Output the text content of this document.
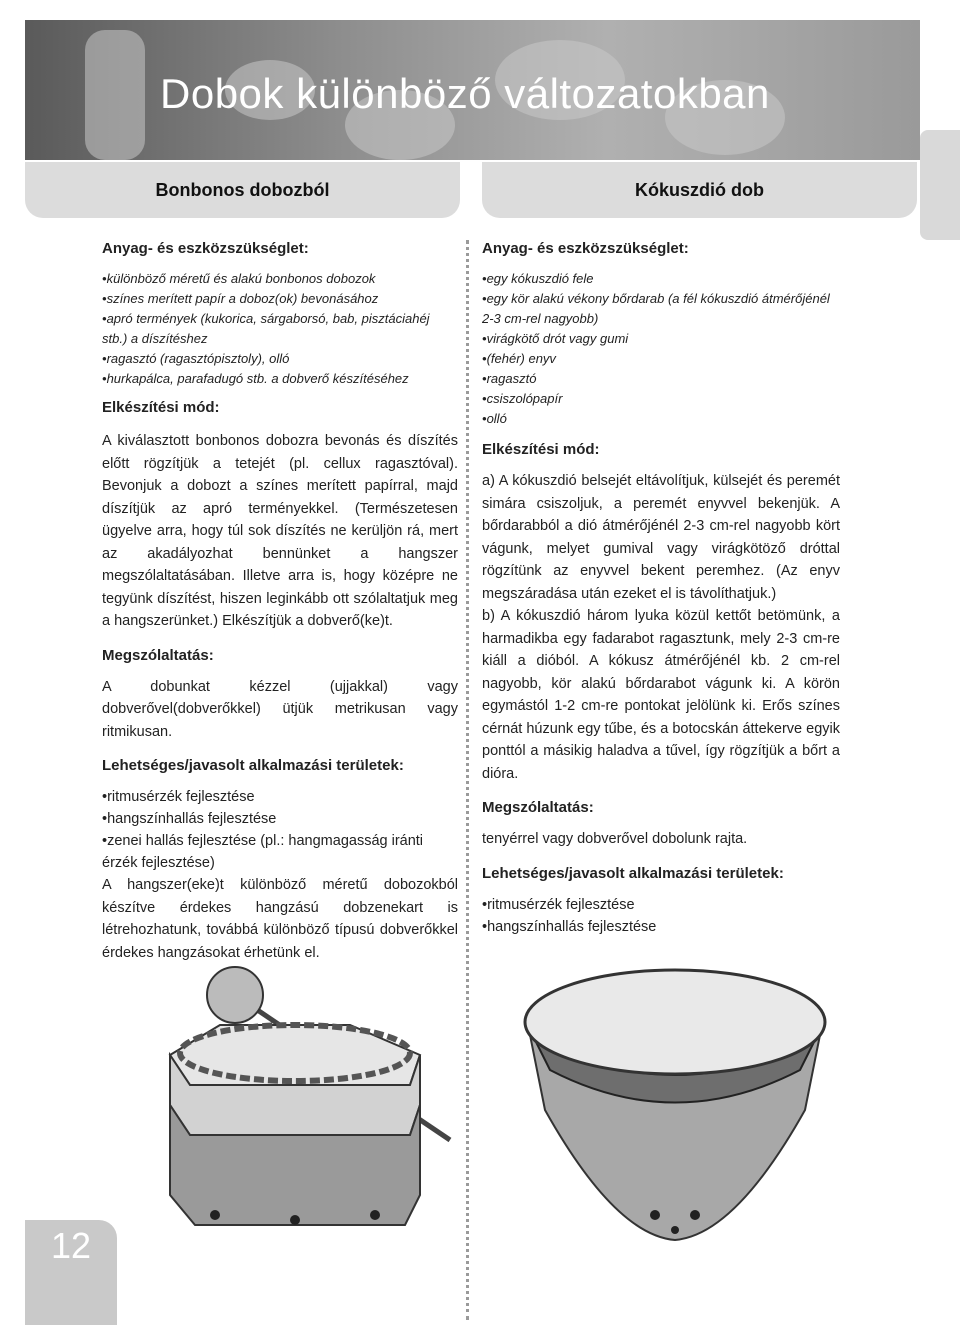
Dobok különböző változatokban
Bonbonos dobozból	Kókuszdió dob

Anyag- és eszközszükséglet:

• különböző méretű és alakú bonbonos dobozok
• színes merített papír a doboz(ok) bevonásához
• apró termények (kukorica, sárgaborsó, bab, pisztáciahéj stb.) a díszítéshez
• ragasztó (ragasztópisztoly), olló
• hurkapálca, parafadugó stb. a dobverő készítéséhez

Elkészítési mód:

A kiválasztott bonbonos dobozra bevonás és díszítés előtt rögzítjük a tetejét (pl. cellux ragasztóval). Bevonjuk a dobozt a színes merített papírral, majd díszítjük az apró terményekkel. (Természetesen ügyelve arra, hogy túl sok díszítés ne kerüljön rá, mert az akadályozhat bennünket a hangszer megszólaltatásában. Illetve arra is, hogy középre ne tegyünk díszítést, hiszen leginkább ott szólaltatjuk meg a hangszerünket.) Elkészítjük a dobverő(ke)t.

Megszólaltatás:

A dobunkat kézzel (ujjakkal) vagy dobverővel(dobverőkkel) ütjük metrikusan vagy ritmikusan.

Lehetséges/javasolt alkalmazási területek:

• ritmusérzék fejlesztése
• hangszínhallás fejlesztése
• zenei hallás fejlesztése (pl.: hangmagasság iránti érzék fejlesztése)

A hangszer(eke)t különböző méretű dobozokból készítve érdekes hangzású dobzenekart is létrehozhatunk, továbbá különböző típusú dobverőkkel érdekes hangzásokat érhetünk el.

Anyag- és eszközszükséglet:

• egy kókuszdió fele
• egy kör alakú vékony bőrdarab (a fél kókuszdió átmérőjénél 2-3 cm-rel nagyobb)
• virágkötő drót vagy gumi
• (fehér) enyv
• ragasztó
• csiszolópapír
• olló

Elkészítési mód:

a) A kókuszdió belsejét eltávolítjuk, külsejét és peremét simára csiszoljuk, a peremét enyvvel bekenjük. A bőrdarabból a dió átmérőjénél 2-3 cm-rel nagyobb kört vágunk, melyet gumival vagy virágkötöző dróttal rögzítünk az enyvvel bekent peremhez. (Az enyv megszáradása után ezeket el is távolíthatjuk.)

b) A kókuszdió három lyuka közül kettőt betömünk, a harmadikba egy fadarabot ragasztunk, mely 2-3 cm-re kiáll a dióból. A kókusz átmérőjénél kb. 2 cm-rel nagyobb, kör alakú bőrdarabot vágunk ki. A körön egymástól 1-2 cm-re pontokat jelölünk ki. Erős színes cérnát húzunk egy tűbe, és a botocskán áttekerve egyik ponttól a másikig haladva a tűvel, így rögzítjük a bőrt a dióra.

Megszólaltatás:

tenyérrel vagy dobverővel dobolunk rajta.

Lehetséges/javasolt alkalmazási területek:

• ritmusérzék fejlesztése
• hangszínhallás fejlesztése
12
